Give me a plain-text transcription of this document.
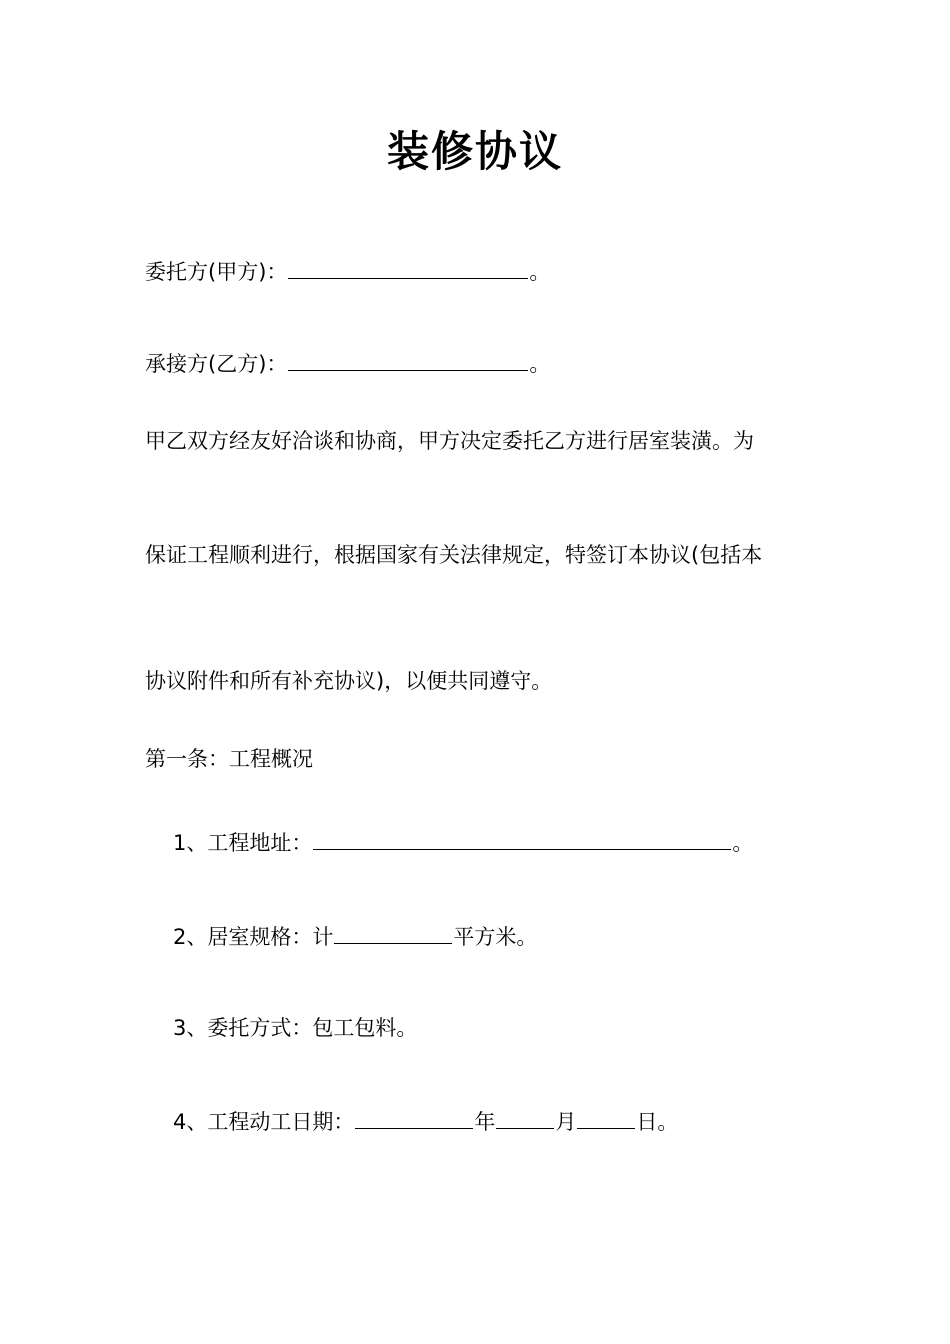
装修协议
委托方(甲方)：	。
承接方(乙方)：	。
甲乙双方经友好洽谈和协商，甲方决定委托乙方进行居室装潢。为
保证工程顺利进行，根据国家有关法律规定，特签订本协议(包括本
协议附件和所有补充协议)，以便共同遵守。
第一条：工程概况
1、工程地址：	。
2、居室规格：计	平方米。
3、委托方式：包工包料。
4、工程动工日期：	年	月	日。
